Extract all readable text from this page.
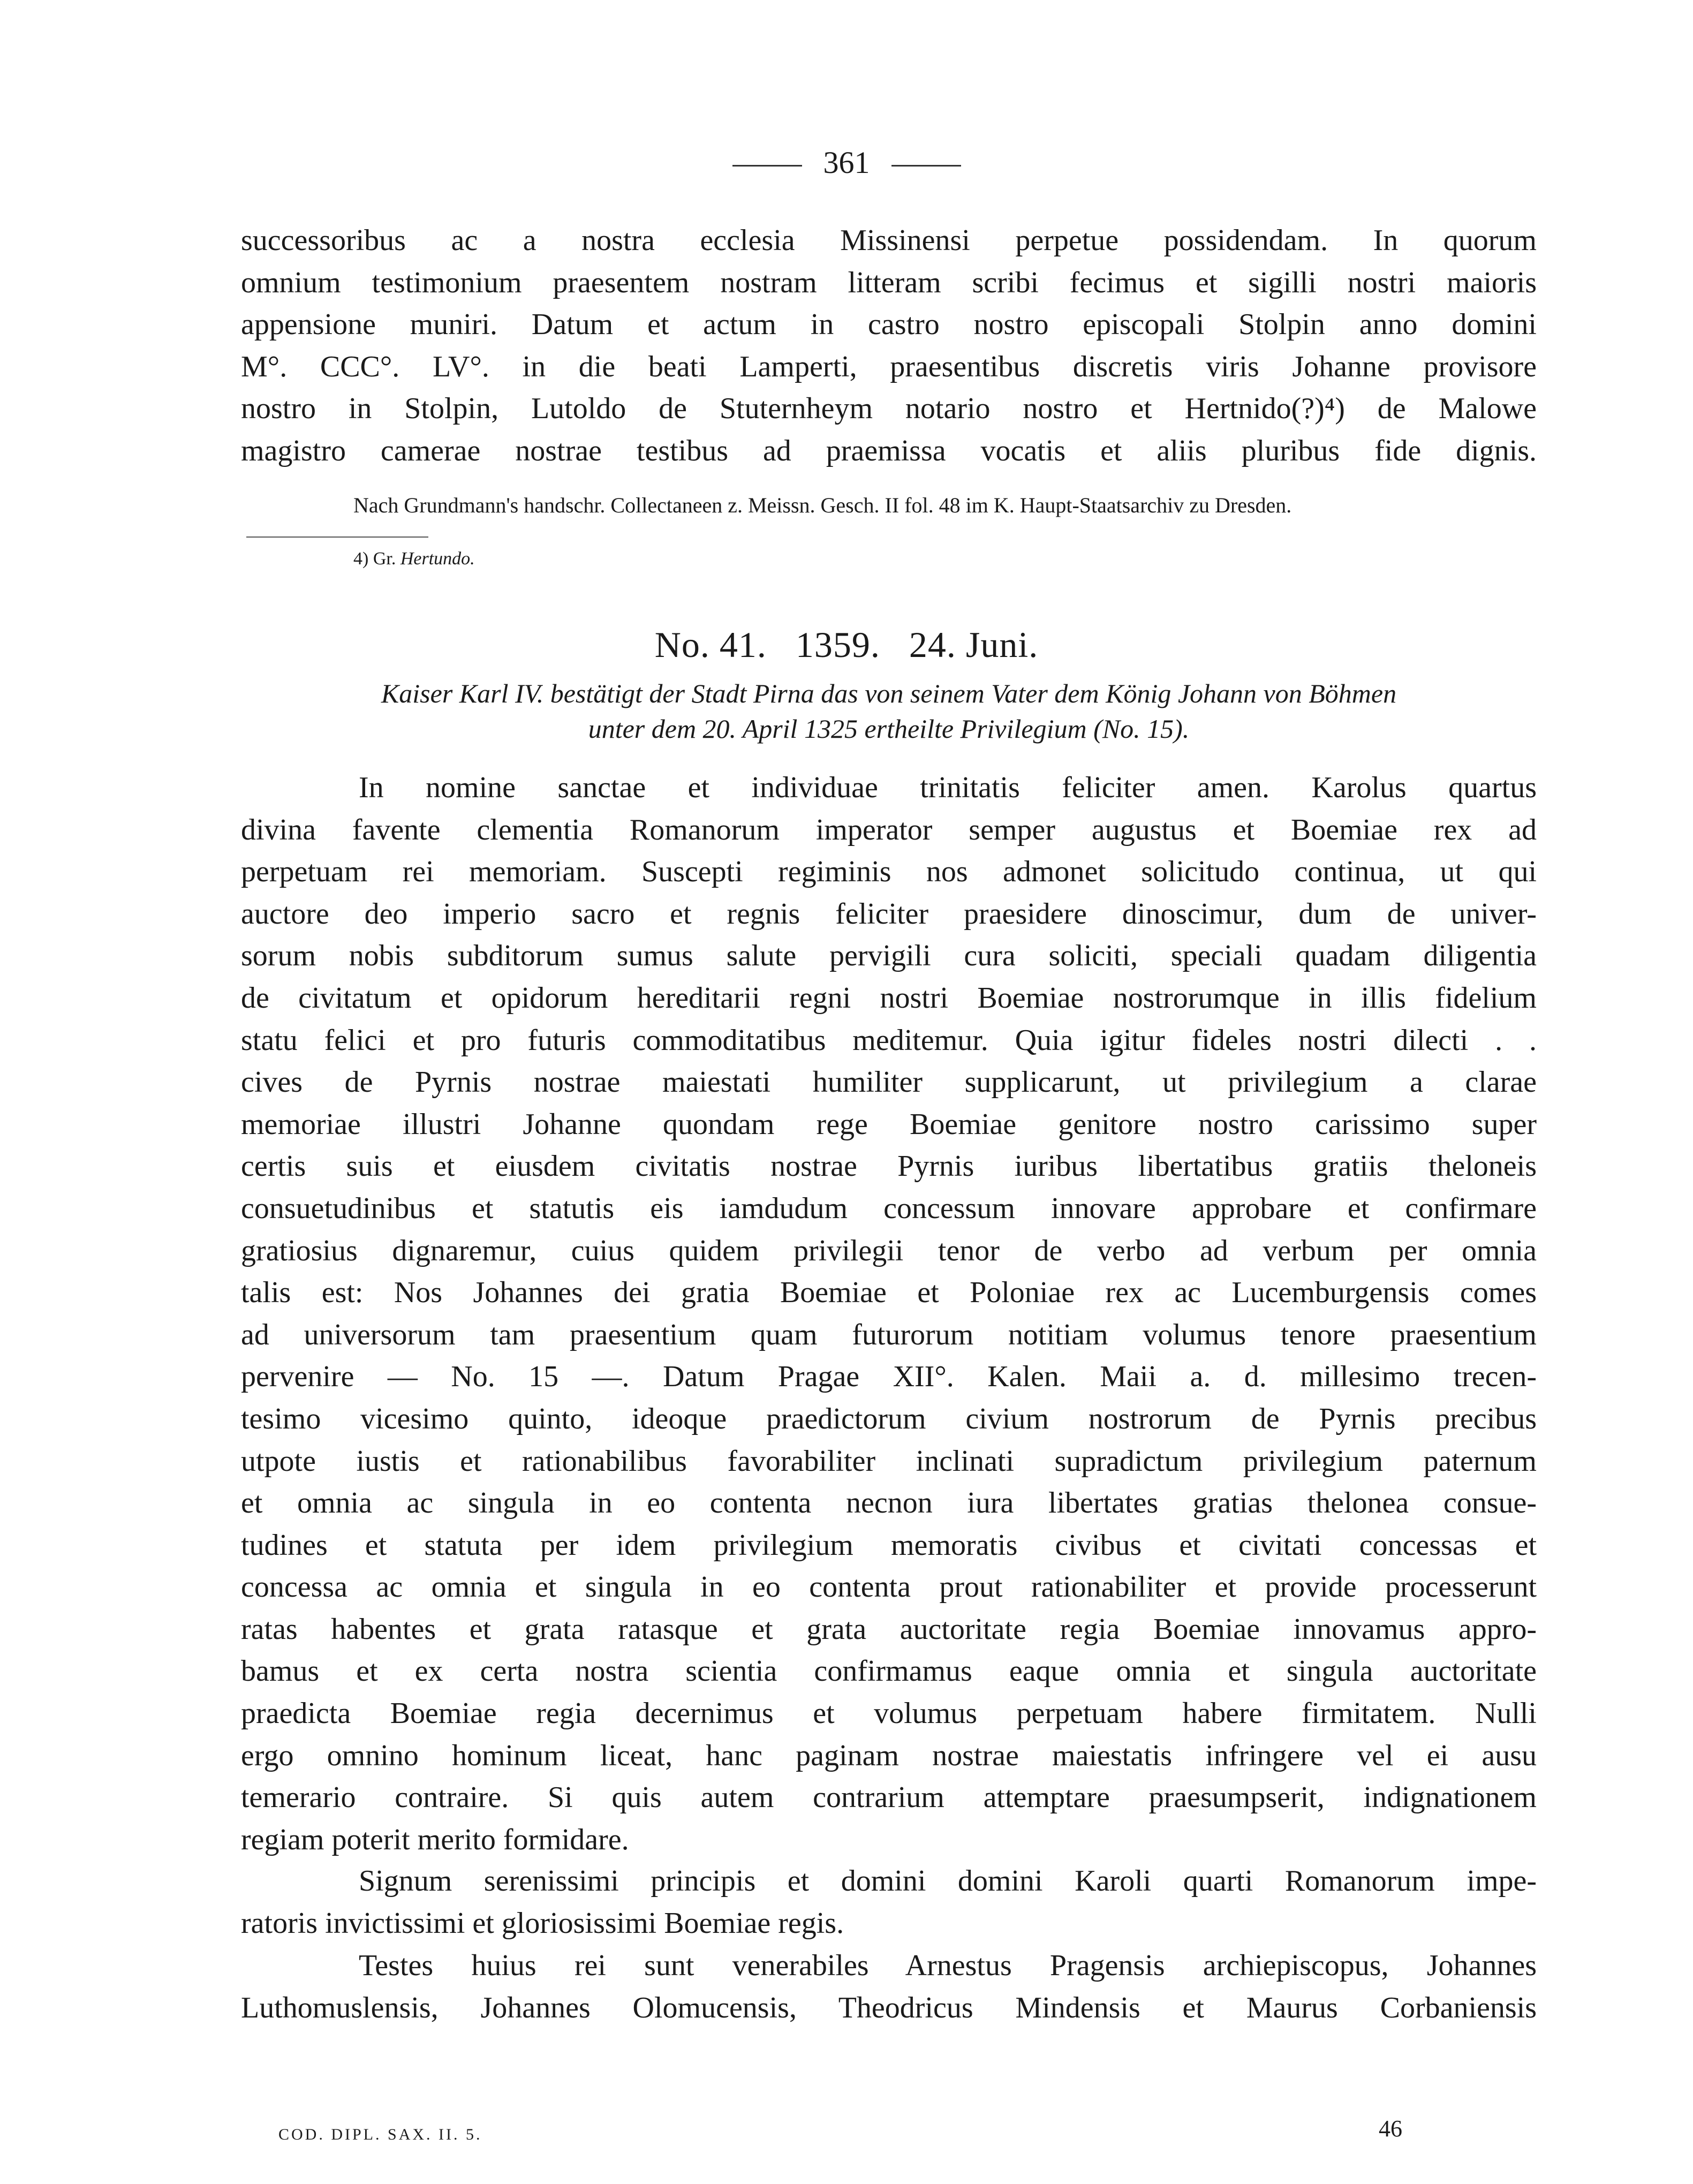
361

successoribus ac a nostra ecclesia Missinensi perpetue possidendam. In quorum
omnium testimonium praesentem nostram litteram scribi fecimus et sigilli nostri maioris
appensione muniri. Datum et actum in castro nostro episcopali Stolpin anno domini
M°. CCC°. LV°. in die beati Lamperti, praesentibus discretis viris Johanne provisore
nostro in Stolpin, Lutoldo de Stuternheym notario nostro et Hertnido(?)⁴) de Malowe
magistro camerae nostrae testibus ad praemissa vocatis et aliis pluribus fide dignis.

Nach Grundmann's handschr. Collectaneen z. Meissn. Gesch. II fol. 48 im K. Haupt-Staatsarchiv zu Dresden.
4) Gr. Hertundo.
No. 41.   1359.   24. Juni.
Kaiser Karl IV. bestätigt der Stadt Pirna das von seinem Vater dem König Johann von Böhmen
unter dem 20. April 1325 ertheilte Privilegium (No. 15).

In nomine sanctae et individuae trinitatis feliciter amen. Karolus quartus
divina favente clementia Romanorum imperator semper augustus et Boemiae rex ad
perpetuam rei memoriam. Suscepti regiminis nos admonet solicitudo continua, ut qui
auctore deo imperio sacro et regnis feliciter praesidere dinoscimur, dum de univer-
sorum nobis subditorum sumus salute pervigili cura soliciti, speciali quadam diligentia
de civitatum et opidorum hereditarii regni nostri Boemiae nostrorumque in illis fidelium
statu felici et pro futuris commoditatibus meditemur. Quia igitur fideles nostri dilecti . .
cives de Pyrnis nostrae maiestati humiliter supplicarunt, ut privilegium a clarae
memoriae illustri Johanne quondam rege Boemiae genitore nostro carissimo super
certis suis et eiusdem civitatis nostrae Pyrnis iuribus libertatibus gratiis theloneis
consuetudinibus et statutis eis iamdudum concessum innovare approbare et confirmare
gratiosius dignaremur, cuius quidem privilegii tenor de verbo ad verbum per omnia
talis est: Nos Johannes dei gratia Boemiae et Poloniae rex ac Lucemburgensis comes
ad universorum tam praesentium quam futurorum notitiam volumus tenore praesentium
pervenire — No. 15 —. Datum Pragae XII°. Kalen. Maii a. d. millesimo trecen-
tesimo vicesimo quinto, ideoque praedictorum civium nostrorum de Pyrnis precibus
utpote iustis et rationabilibus favorabiliter inclinati supradictum privilegium paternum
et omnia ac singula in eo contenta necnon iura libertates gratias thelonea consue-
tudines et statuta per idem privilegium memoratis civibus et civitati concessas et
concessa ac omnia et singula in eo contenta prout rationabiliter et provide processerunt
ratas habentes et grata ratasque et grata auctoritate regia Boemiae innovamus appro-
bamus et ex certa nostra scientia confirmamus eaque omnia et singula auctoritate
praedicta Boemiae regia decernimus et volumus perpetuam habere firmitatem. Nulli
ergo omnino hominum liceat, hanc paginam nostrae maiestatis infringere vel ei ausu
temerario contraire. Si quis autem contrarium attemptare praesumpserit, indignationem
regiam poterit merito formidare.

Signum serenissimi principis et domini domini Karoli quarti Romanorum impe-
ratoris invictissimi et gloriosissimi Boemiae regis.

Testes huius rei sunt venerabiles Arnestus Pragensis archiepiscopus, Johannes
Luthomuslensis, Johannes Olomucensis, Theodricus Mindensis et Maurus Corbaniensis

COD. DIPL. SAX. II. 5.	46
